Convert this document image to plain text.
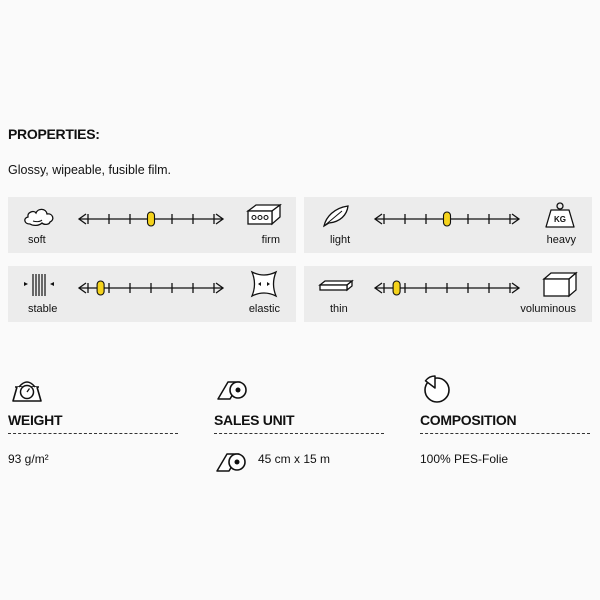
PROPERTIES:
Glossy, wipeable, fusible film.
soft	firm
KG
light	heavy
stable	elastic	thin	voluminous
WEIGHT
93 g/m²
SALES UNIT
45 cm x 15 m
COMPOSITION
100% PES-Folie
